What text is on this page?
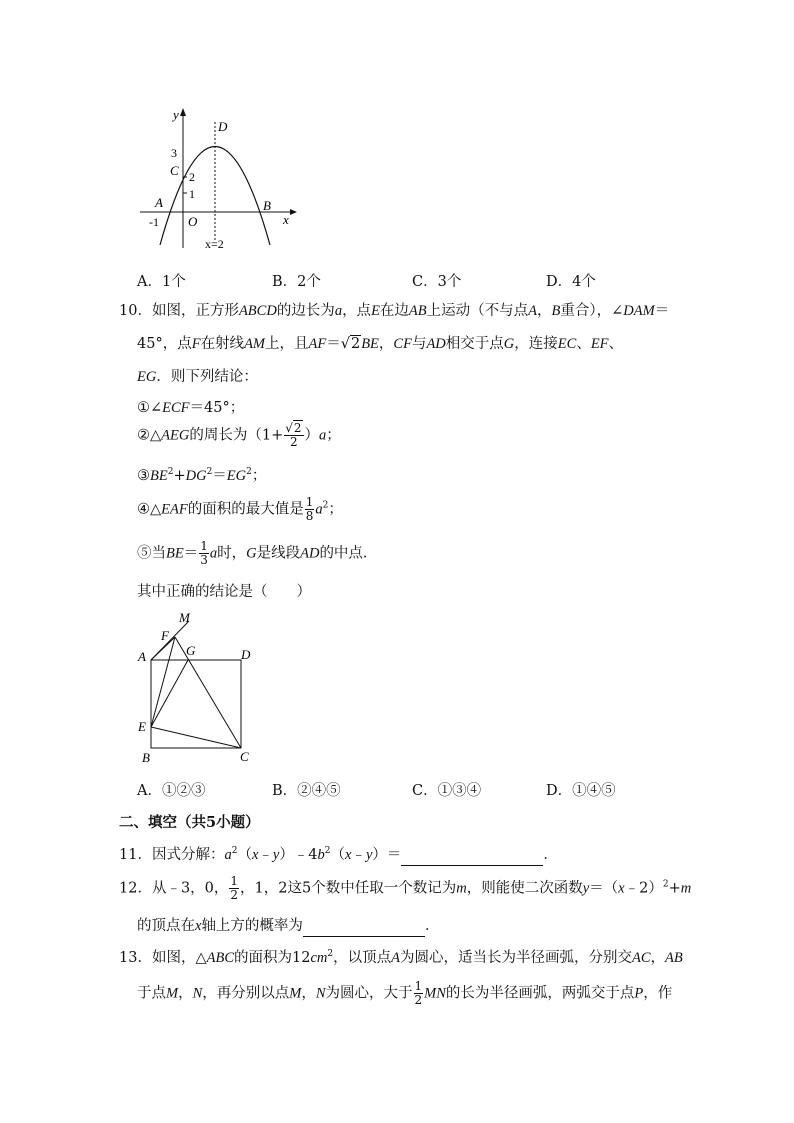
y
x
D
C
A	B
O
3
2
1
-1
x=2
A．1个	B．2个	C．3个	D．4个
10．如图，正方形ABCD的边长为a，点E在边AB上运动（不与点A，B重合），∠DAM＝
45°，点F在射线AM上，且AF＝√2BE，CF与AD相交于点G，连接EC、EF、
EG．则下列结论：
①∠ECF＝45°；
②△AEG的周长为$(1+ \frac{√2}{2} )a$；
$③BE^2+DG^2=EG^2$；
④△EAF的面积的最大值是 $\frac{1}{8} a^2$；
⑤当$BE= \frac{1}{3}$ a时，G是线段AD的中点．
其中正确的结论是（　　）
M
F
A	G	D
E
B	C
A．①②③	B．②④⑤	C．①③④	D．①④⑤
二、填空（共5小题）
11．因式分解：$a^2(x﹣y)﹣4b^2(x﹣y)=$	．
12．从﹣3，0， $\frac{1}{2}$ ，1，2这5个数中任取一个数记为m，则能使二次函数y＝（x﹣2）$^2$+m
的顶点在x轴上方的概率为	．
13．如图，△ABC的面积为$12cm^2$，以顶点A为圆心，适当长为半径画弧，分别交AC，AB
于点M，N，再分别以点M，N为圆心，大于 $\frac{1}{2}$ MN的长为半径画弧，两弧交于点P，作
